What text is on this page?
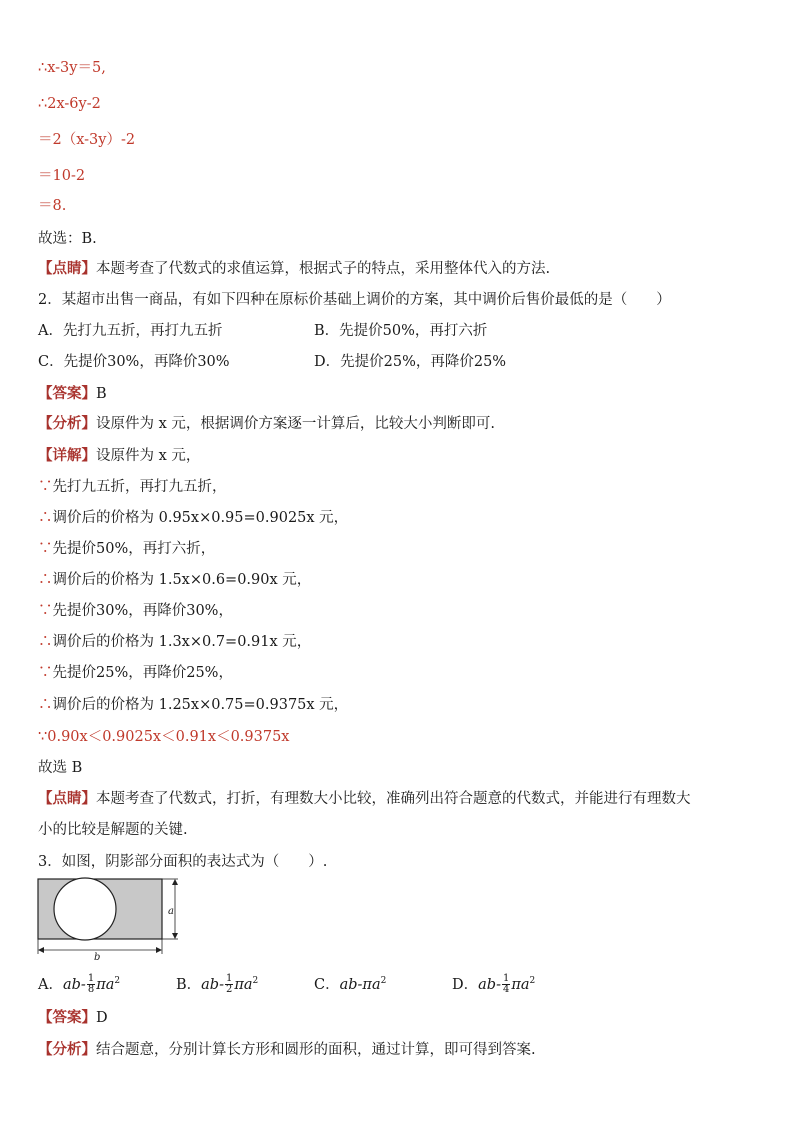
∴x-3y＝5,
∴2x-6y-2
＝2（x-3y）-2
＝10-2
＝8.
故选：B.
【点睛】本题考查了代数式的求值运算，根据式子的特点，采用整体代入的方法.
2．某超市出售一商品，有如下四种在原标价基础上调价的方案，其中调价后售价最低的是（　　）
A．先打九五折，再打九五折	B．先提价50%，再打六折
C．先提价30%，再降价30%	D．先提价25%，再降价25%
【答案】B
【分析】设原件为 x 元，根据调价方案逐一计算后，比较大小判断即可.
【详解】设原件为 x 元，
∵先打九五折，再打九五折，
∴调价后的价格为 0.95x×0.95=0.9025x 元，
∵先提价50%，再打六折，
∴调价后的价格为 1.5x×0.6=0.90x 元，
∵先提价30%，再降价30%，
∴调价后的价格为 1.3x×0.7=0.91x 元，
∵先提价25%，再降价25%，
∴调价后的价格为 1.25x×0.75=0.9375x 元，
∵0.90x＜0.9025x＜0.91x＜0.9375x
故选 B
【点睛】本题考查了代数式，打折，有理数大小比较，准确列出符合题意的代数式，并能进行有理数大
小的比较是解题的关键.
3．如图，阴影部分面积的表达式为（　　）.
a
b
A．$ab- \frac{1}{8} \pi a^2$	B．$ab- \frac{1}{2} \pi a^2$	C．$ab-\pi a^2$	D．$ab- \frac{1}{4} \pi a^2$
【答案】D
【分析】结合题意，分别计算长方形和圆形的面积，通过计算，即可得到答案.
